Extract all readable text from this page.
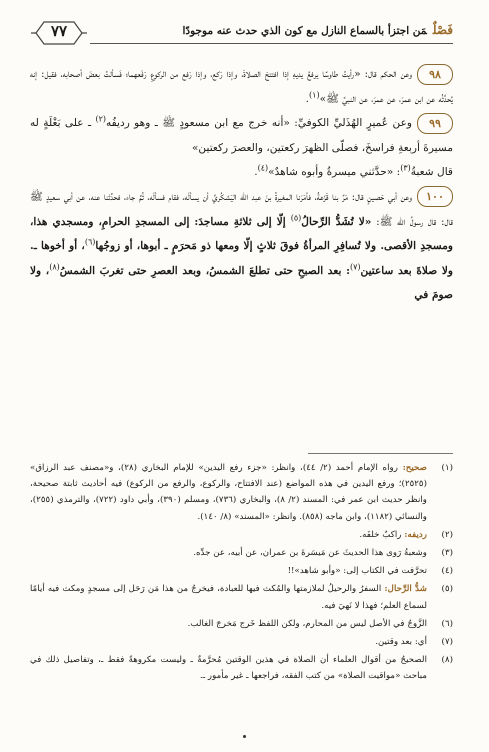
فَصْلٌمَن اجتزأ بالسماع النازل مع كون الذي حدث عنه موجودًا
٧٧

٩٨وعن الحكم قال: «رأيتُ طاوسًا يرفعُ يديهِ إذا افتتحَ الصلاةَ، وإذا رَكع، وإذا رَفع من الركوعِ رَفَعهما؛ فَسألتُ بعضَ أصحابه، فقيل: إنه يُحدِّثُه عن ابن عمرَ، عن عمرَ، عن النبيِّ ﷺ»$^{(١)}$.

٩٩وعن عُميرٍ الهُذَليِّ الكوفيِّ: «أنه خرج مع ابن مسعودٍ ﷺ ـ وهو رديفُه$^{(٢)}$ ـ على بَغْلَةٍ له مسيرةَ أربعةِ فراسخَ، فصلّى الظهرَ ركعتين، والعصرَ ركعتين»

قال شعبةُ$^{(٣)}$: «حدَّثني ميسرةُ وأبوه شاهدٌ»$^{(٤)}$.

١٠٠وعن أبي حَصينٍ قال: مَرَّ بنا قَزَعةُ، فأمَرَنا المغيرةُ بنَ عبد الله اليَشكُريَّ أن يسألَه، فقام فسألَه، ثُمَّ جاء، فحدَّثنا عنه، عن أبي سعيدٍ ﷺ قال: قال رسولُ الله ﷺ: «لا تُشَدُّ الرِّحالُ$^{(٥)}$ إلّا إلى ثلاثةِ مساجدَ: إلى المسجدِ الحرامِ، ومسجدي هذا، ومسجدِ الأقصى. ولا تُسافِرِ المرأةُ فوقَ ثلاثٍ إلّا ومعها ذو مَحرَمٍ ـ أبوها، أو زوجُها$^{(٦)}$، أو أخوها ـ. ولا صلاةَ بعد ساعتين$^{(٧)}$: بعد الصبحِ حتى تطلعَ الشمسُ، وبعد العصرِ حتى تغربَ الشمسُ$^{(٨)}$، ولا صومَ في

(١)
صحيح: رواه الإمام أحمد (٢/ ٤٤)، وانظر: «جزء رفع اليدين» للإمام البخاري (٢٨)، و«مصنف عبد الرزاق» (٢٥٢٥)؛ ورفع اليدين في هذه المواضع (عند الافتتاح، والركوع، والرفع من الركوع) فيه أحاديث ثابتة صحيحة، وانظر حديث ابن عمر في: المسند (٢/ ٨)، والبخاري (٧٣٦)، ومسلم (٣٩٠)، وأبي داود (٧٢٢)، والترمذي (٢٥٥)، والنسائي (١١٨٢)، وابن ماجه (٨٥٨). وانظر: «المسند» (٨/ ١٤٠).
(٢)
رديفه: راكبٌ خلفَه.
(٣)
وشعبةُ رَوى هذا الحديثَ عن مَيسَرةَ بن عمران، عن أبيه، عن جدِّه.
(٤)
تحرَّفت في الكتاب إلى: «وأبو شاهد»!!
(٥)
شدُّ الرِّحال: السفرُ والرحيلُ لملازمتها والمُكث فيها للعبادة، فيخرجُ من هذا مَن رَحَل إلى مسجدٍ ومكث فيه أيامًا لسماع العلم؛ فهذا لا نَهيَ فيه.
(٦)
الزَّوجُ في الأصل ليس من المحارم، ولكن اللفظ خَرج مَخرجَ الغالب.
(٧)
أي: بعد وقتين.
(٨)
الصحيحُ من أقوال العلماء أن الصلاة في هذين الوقتين مُحرَّمةٌ ـ وليست مكروهةً فقط ـ، وتفاصيل ذلك في مباحث «مواقيت الصلاة» من كتب الفقه، فراجعها ـ غير مأمور ـ.
